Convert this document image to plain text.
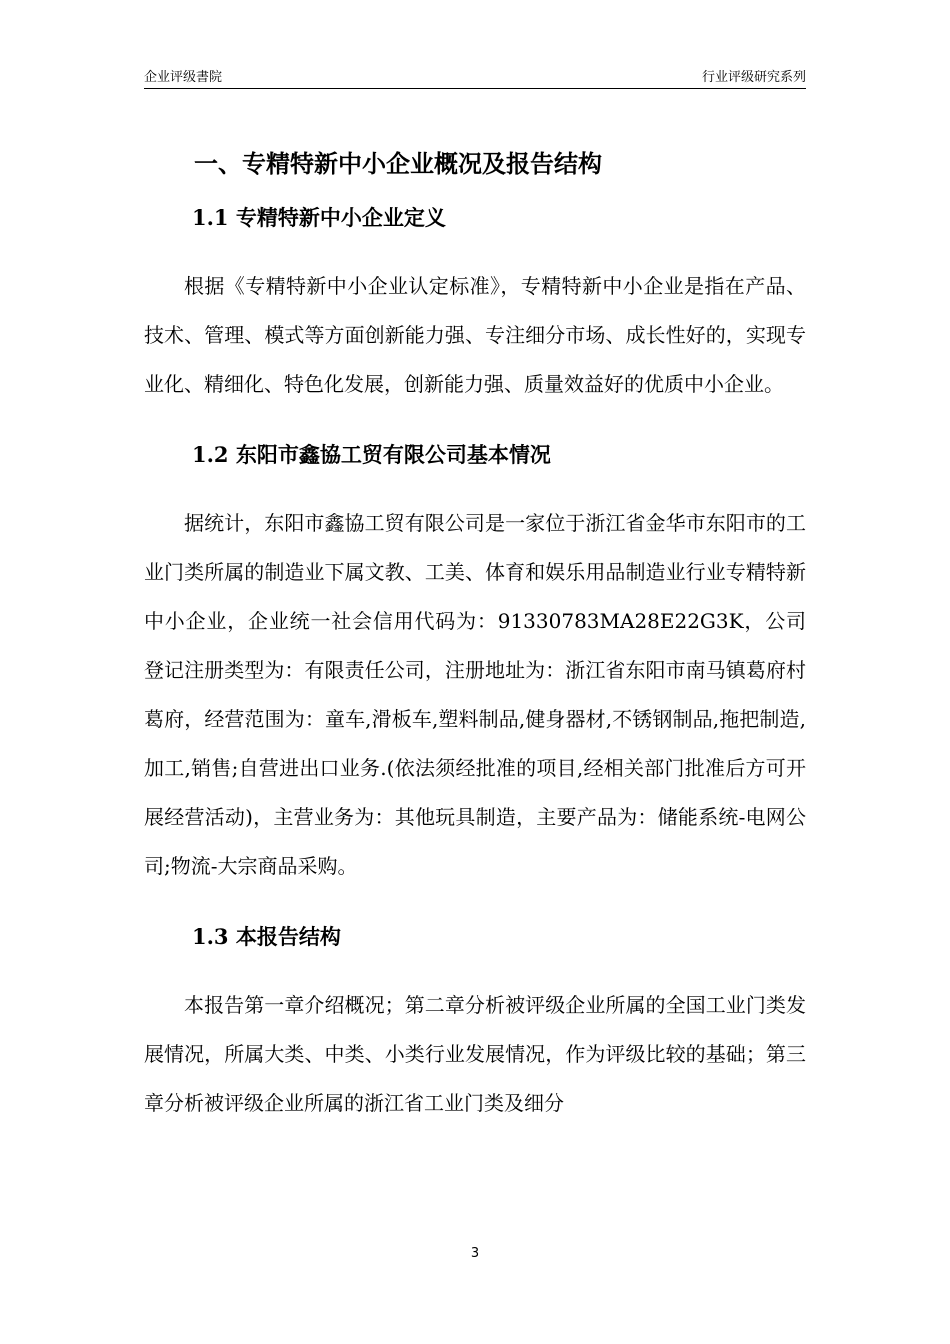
企业评级書院	行业评级研究系列
一、专精特新中小企业概况及报告结构
1.1 专精特新中小企业定义

根据《专精特新中小企业认定标准》，专精特新中小企业是指在产品、技术、管理、模式等方面创新能力强、专注细分市场、成长性好的，实现专业化、精细化、特色化发展，创新能力强、质量效益好的优质中小企业。

1.2 东阳市鑫協工贸有限公司基本情况

据统计，东阳市鑫協工贸有限公司是一家位于浙江省金华市东阳市的工业门类所属的制造业下属文教、工美、体育和娱乐用品制造业行业专精特新中小企业，企业统一社会信用代码为：91330783MA28E22G3K，公司登记注册类型为：有限责任公司，注册地址为：浙江省东阳市南马镇葛府村葛府，经营范围为：童车,滑板车,塑料制品,健身器材,不锈钢制品,拖把制造,加工,销售;自营进出口业务.(依法须经批准的项目,经相关部门批准后方可开展经营活动)，主营业务为：其他玩具制造，主要产品为：储能系统-电网公司;物流-大宗商品采购。

1.3 本报告结构

本报告第一章介绍概况；第二章分析被评级企业所属的全国工业门类发展情况，所属大类、中类、小类行业发展情况，作为评级比较的基础；第三章分析被评级企业所属的浙江省工业门类及细分

3
